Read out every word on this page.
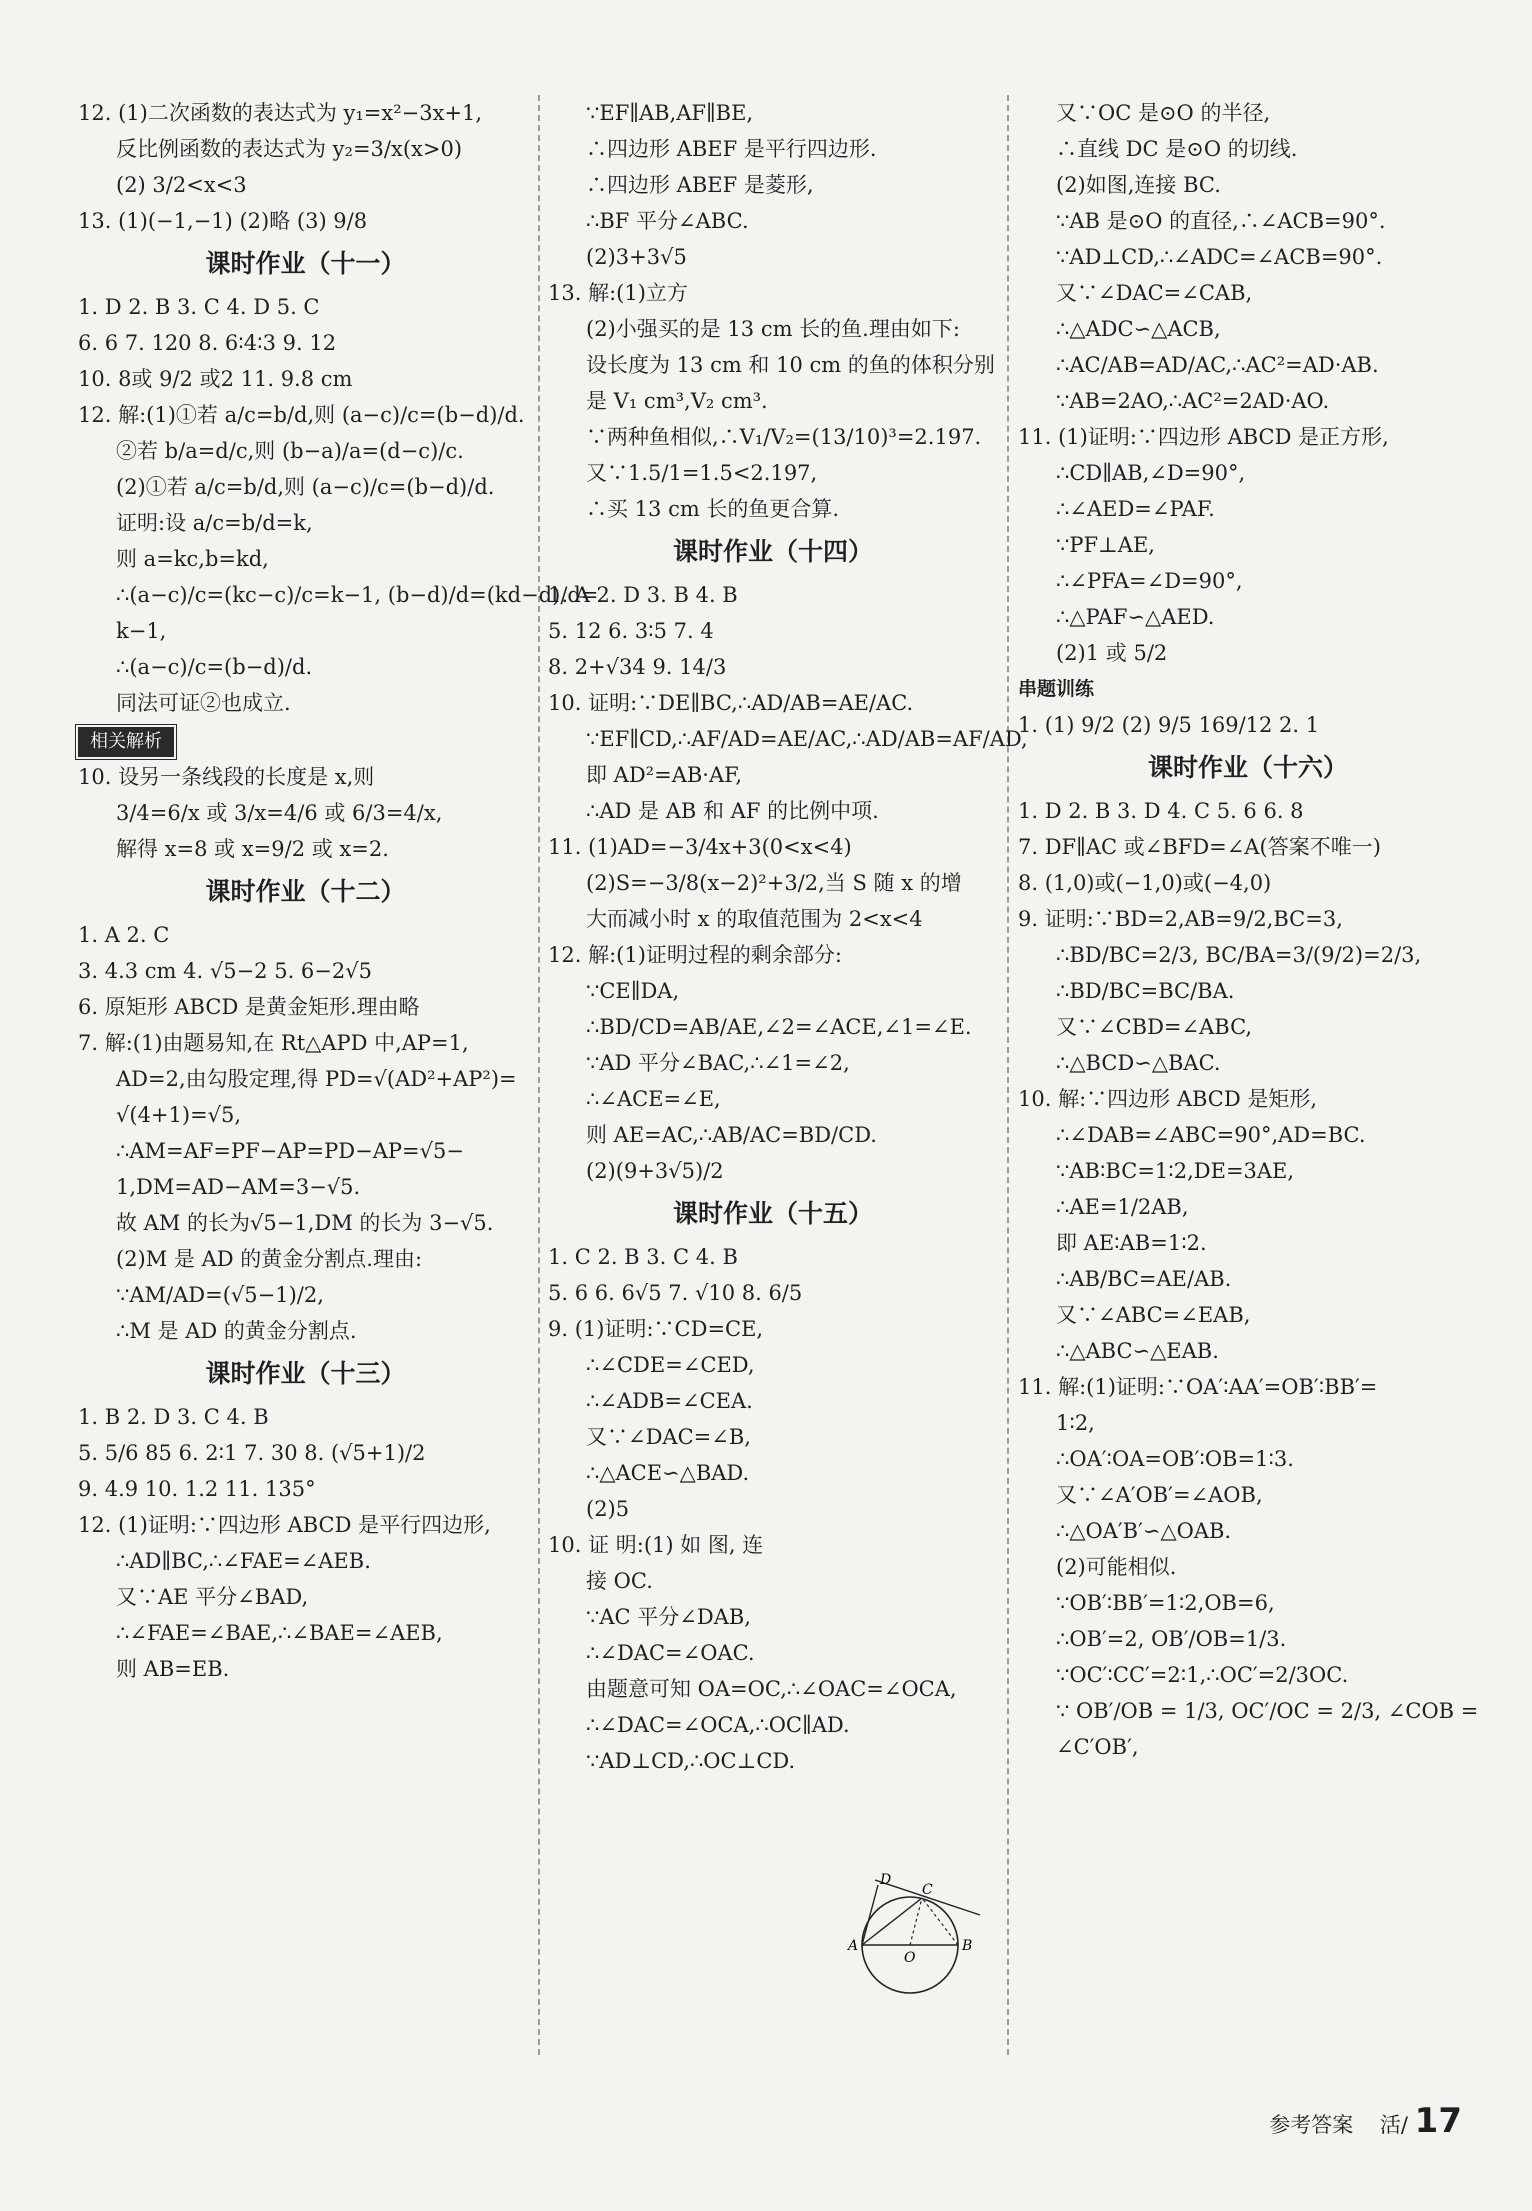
12. (1)二次函数的表达式为 y₁=x²−3x+1,
反比例函数的表达式为 y₂=3/x(x>0)
(2) 3/2<x<3
13. (1)(−1,−1) (2)略 (3) 9/8
课时作业（十一）
1. D 2. B 3. C 4. D 5. C
6. 6 7. 120 8. 6∶4∶3 9. 12
10. 8或 9/2 或2 11. 9.8 cm
12. 解:(1)①若 a/c=b/d,则 (a−c)/c=(b−d)/d.
②若 b/a=d/c,则 (b−a)/a=(d−c)/c.
(2)①若 a/c=b/d,则 (a−c)/c=(b−d)/d.
证明:设 a/c=b/d=k,
则 a=kc,b=kd,
∴(a−c)/c=(kc−c)/c=k−1, (b−d)/d=(kd−d)/d=
k−1,
∴(a−c)/c=(b−d)/d.
同法可证②也成立.
相关解析
10. 设另一条线段的长度是 x,则
3/4=6/x 或 3/x=4/6 或 6/3=4/x,
解得 x=8 或 x=9/2 或 x=2.
课时作业（十二）
1. A 2. C
3. 4.3 cm 4. √5−2 5. 6−2√5
6. 原矩形 ABCD 是黄金矩形.理由略
7. 解:(1)由题易知,在 Rt△APD 中,AP=1,
AD=2,由勾股定理,得 PD=√(AD²+AP²)=
√(4+1)=√5,
∴AM=AF=PF−AP=PD−AP=√5−
1,DM=AD−AM=3−√5.
故 AM 的长为√5−1,DM 的长为 3−√5.
(2)M 是 AD 的黄金分割点.理由:
∵AM/AD=(√5−1)/2,
∴M 是 AD 的黄金分割点.
课时作业（十三）
1. B 2. D 3. C 4. B
5. 5/6 85 6. 2∶1 7. 30 8. (√5+1)/2
9. 4.9 10. 1.2 11. 135°
12. (1)证明:∵四边形 ABCD 是平行四边形,
∴AD∥BC,∴∠FAE=∠AEB.
又∵AE 平分∠BAD,
∴∠FAE=∠BAE,∴∠BAE=∠AEB,
则 AB=EB.
∵EF∥AB,AF∥BE,
∴四边形 ABEF 是平行四边形.
∴四边形 ABEF 是菱形,
∴BF 平分∠ABC.
(2)3+3√5
13. 解:(1)立方
(2)小强买的是 13 cm 长的鱼.理由如下:
设长度为 13 cm 和 10 cm 的鱼的体积分别
是 V₁ cm³,V₂ cm³.
∵两种鱼相似,∴V₁/V₂=(13/10)³=2.197.
又∵1.5/1=1.5<2.197,
∴买 13 cm 长的鱼更合算.
课时作业（十四）
1. A 2. D 3. B 4. B
5. 12 6. 3∶5 7. 4
8. 2+√34 9. 14/3
10. 证明:∵DE∥BC,∴AD/AB=AE/AC.
∵EF∥CD,∴AF/AD=AE/AC,∴AD/AB=AF/AD,
即 AD²=AB·AF,
∴AD 是 AB 和 AF 的比例中项.
11. (1)AD=−3/4x+3(0<x<4)
(2)S=−3/8(x−2)²+3/2,当 S 随 x 的增
大而减小时 x 的取值范围为 2<x<4
12. 解:(1)证明过程的剩余部分:
∵CE∥DA,
∴BD/CD=AB/AE,∠2=∠ACE,∠1=∠E.
∵AD 平分∠BAC,∴∠1=∠2,
∴∠ACE=∠E,
则 AE=AC,∴AB/AC=BD/CD.
(2)(9+3√5)/2
课时作业（十五）
1. C 2. B 3. C 4. B
5. 6 6. 6√5 7. √10 8. 6/5
9. (1)证明:∵CD=CE,
∴∠CDE=∠CED,
∴∠ADB=∠CEA.
又∵∠DAC=∠B,
∴△ACE∽△BAD.
(2)5
10. 证 明:(1) 如 图, 连
接 OC.
∵AC 平分∠DAB,
∴∠DAC=∠OAC.
由题意可知 OA=OC,∴∠OAC=∠OCA,
∴∠DAC=∠OCA,∴OC∥AD.
∵AD⊥CD,∴OC⊥CD.
又∵OC 是⊙O 的半径,
∴直线 DC 是⊙O 的切线.
(2)如图,连接 BC.
∵AB 是⊙O 的直径,∴∠ACB=90°.
∵AD⊥CD,∴∠ADC=∠ACB=90°.
又∵∠DAC=∠CAB,
∴△ADC∽△ACB,
∴AC/AB=AD/AC,∴AC²=AD·AB.
∵AB=2AO,∴AC²=2AD·AO.
11. (1)证明:∵四边形 ABCD 是正方形,
∴CD∥AB,∠D=90°,
∴∠AED=∠PAF.
∵PF⊥AE,
∴∠PFA=∠D=90°,
∴△PAF∽△AED.
(2)1 或 5/2
串题训练
1. (1) 9/2 (2) 9/5 169/12 2. 1
课时作业（十六）
1. D 2. B 3. D 4. C 5. 6 6. 8
7. DF∥AC 或∠BFD=∠A(答案不唯一)
8. (1,0)或(−1,0)或(−4,0)
9. 证明:∵BD=2,AB=9/2,BC=3,
∴BD/BC=2/3, BC/BA=3/(9/2)=2/3,
∴BD/BC=BC/BA.
又∵∠CBD=∠ABC,
∴△BCD∽△BAC.
10. 解:∵四边形 ABCD 是矩形,
∴∠DAB=∠ABC=90°,AD=BC.
∵AB∶BC=1∶2,DE=3AE,
∴AE=1/2AB,
即 AE∶AB=1∶2.
∴AB/BC=AE/AB.
又∵∠ABC=∠EAB,
∴△ABC∽△EAB.
11. 解:(1)证明:∵OA′∶AA′=OB′∶BB′=
1∶2,
∴OA′∶OA=OB′∶OB=1∶3.
又∵∠A′OB′=∠AOB,
∴△OA′B′∽△OAB.
(2)可能相似.
∵OB′∶BB′=1∶2,OB=6,
∴OB′=2, OB′/OB=1/3.
∵OC′∶CC′=2∶1,∴OC′=2/3OC.
∵ OB′/OB = 1/3, OC′/OC = 2/3, ∠COB =
∠C′OB′,
D
C
A
O
B
参考答案 活/ 17
